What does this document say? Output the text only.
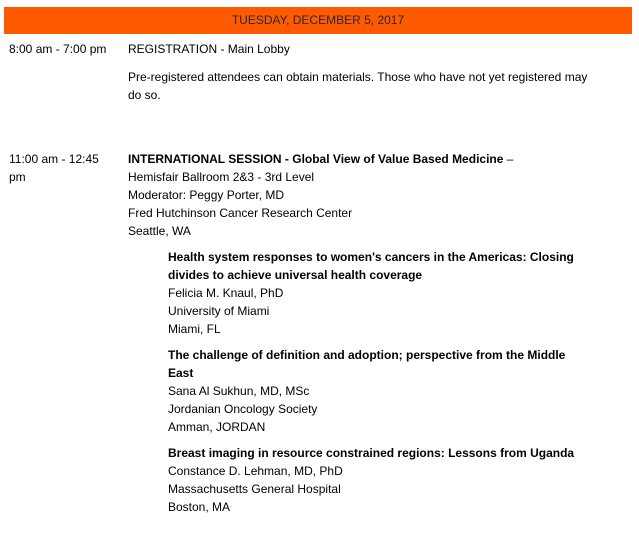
TUESDAY, DECEMBER 5, 2017
8:00 am - 7:00 pm	REGISTRATION - Main Lobby

Pre-registered attendees can obtain materials. Those who have not yet registered may do so.

11:00 am - 12:45 pm

INTERNATIONAL SESSION - Global View of Value Based Medicine –

Hemisfair Ballroom 2&3 - 3rd Level

Moderator: Peggy Porter, MD

Fred Hutchinson Cancer Research Center

Seattle, WA

Health system responses to women's cancers in the Americas: Closing divides to achieve universal health coverage
Felicia M. Knaul, PhD
University of Miami
Miami, FL
The challenge of definition and adoption; perspective from the Middle East
Sana Al Sukhun, MD, MSc
Jordanian Oncology Society
Amman, JORDAN
Breast imaging in resource constrained regions: Lessons from Uganda
Constance D. Lehman, MD, PhD
Massachusetts General Hospital
Boston, MA
